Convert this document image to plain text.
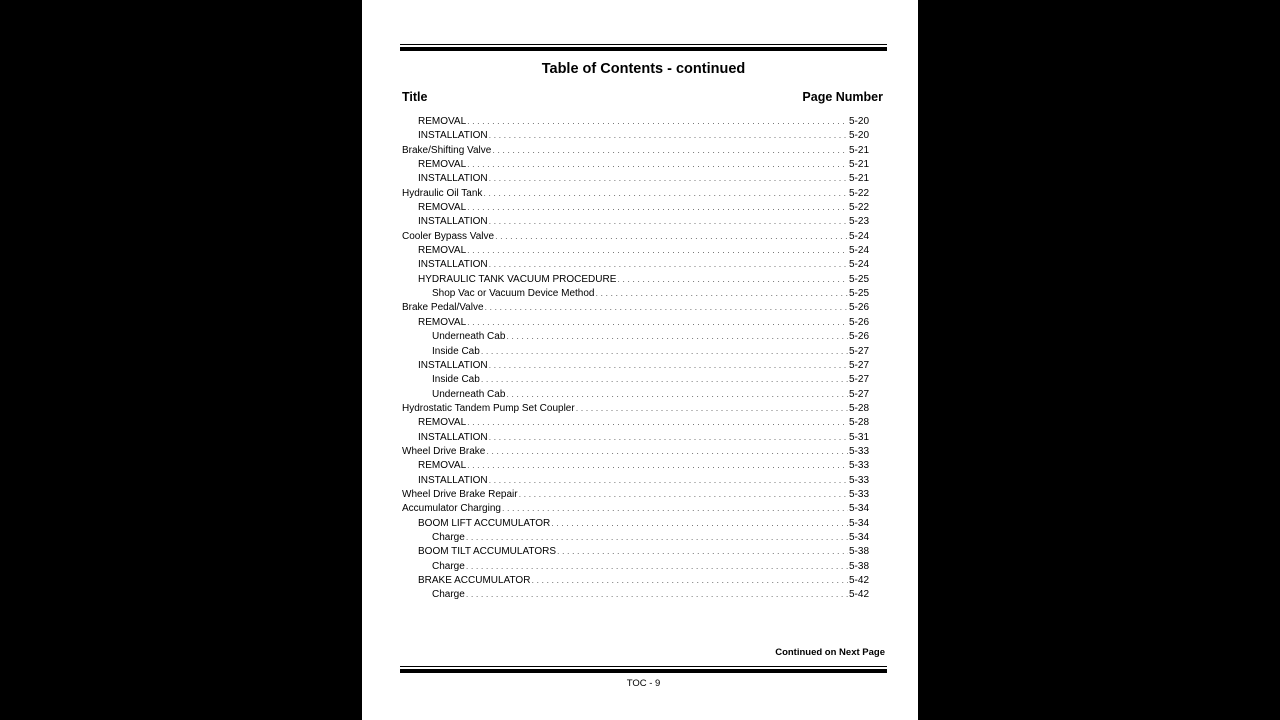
Table of Contents - continued
Title	Page Number
REMOVAL . . .	5-20
INSTALLATION . . .	5-20
Brake/Shifting Valve . . .	5-21
REMOVAL . . .	5-21
INSTALLATION . . .	5-21
Hydraulic Oil Tank . . .	5-22
REMOVAL . . .	5-22
INSTALLATION . . .	5-23
Cooler Bypass Valve . . .	5-24
REMOVAL . . .	5-24
INSTALLATION . . .	5-24
HYDRAULIC TANK VACUUM PROCEDURE . . .	5-25
Shop Vac or Vacuum Device Method . . .	5-25
Brake Pedal/Valve . . .	5-26
REMOVAL . . .	5-26
Underneath Cab . . .	5-26
Inside Cab . . .	5-27
INSTALLATION . . .	5-27
Inside Cab . . .	5-27
Underneath Cab . . .	5-27
Hydrostatic Tandem Pump Set Coupler . . .	5-28
REMOVAL . . .	5-28
INSTALLATION . . .	5-31
Wheel Drive Brake . . .	5-33
REMOVAL . . .	5-33
INSTALLATION . . .	5-33
Wheel Drive Brake Repair . . .	5-33
Accumulator Charging . . .	5-34
BOOM LIFT ACCUMULATOR . . .	5-34
Charge . . .	5-34
BOOM TILT ACCUMULATORS . . .	5-38
Charge . . .	5-38
BRAKE ACCUMULATOR . . .	5-42
Charge . . .	5-42
Continued on Next Page
TOC - 9
